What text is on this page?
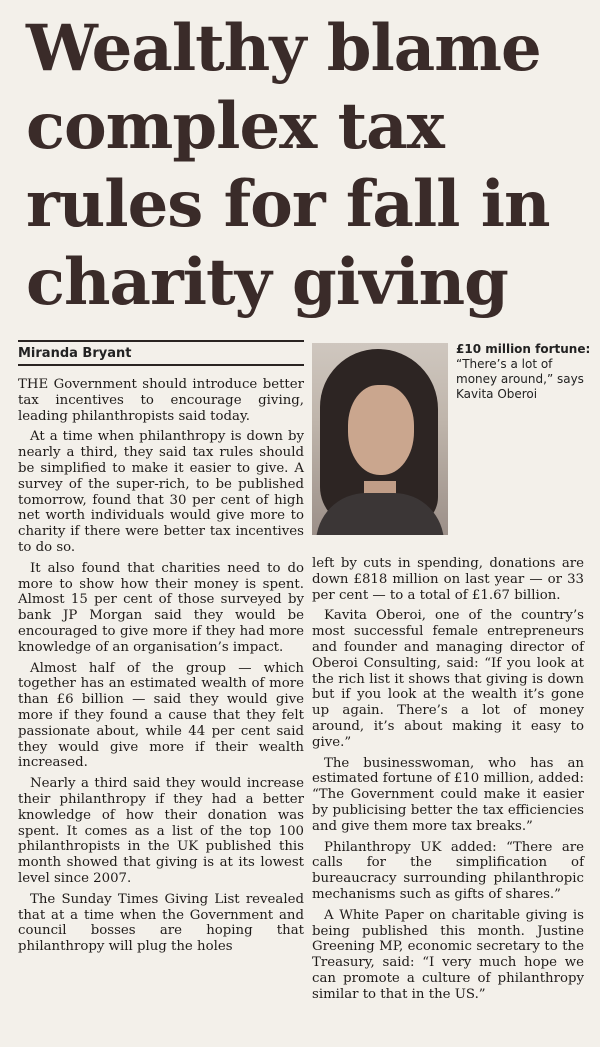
Wealthy blame
complex tax
rules for fall in
charity giving
Miranda Bryant	£10 million fortune: “There’s a lot of money around,” says Kavita Oberoi

THE Government should introduce better tax incentives to encourage giving, leading philanthropists said today.

At a time when philanthropy is down by nearly a third, they said tax rules should be simplified to make it easier to give. A survey of the super-rich, to be published tomorrow, found that 30 per cent of high net worth individuals would give more to charity if there were better tax incentives to do so.

It also found that charities need to do more to show how their money is spent. Almost 15 per cent of those surveyed by bank JP Morgan said they would be encouraged to give more if they had more knowledge of an organisation’s impact.

Almost half of the group — which together has an estimated wealth of more than £6 billion — said they would give more if they found a cause that they felt passionate about, while 44 per cent said they would give more if their wealth increased.

Nearly a third said they would increase their philanthropy if they had a better knowledge of how their donation was spent. It comes as a list of the top 100 philanthropists in the UK published this month showed that giving is at its lowest level since 2007.

The Sunday Times Giving List revealed that at a time when the Government and council bosses are hoping that philanthropy will plug the holes

left by cuts in spending, donations are down £818 million on last year — or 33 per cent — to a total of £1.67 billion.

Kavita Oberoi, one of the country’s most successful female entrepreneurs and founder and managing director of Oberoi Consulting, said: “If you look at the rich list it shows that giving is down but if you look at the wealth it’s gone up again. There’s a lot of money around, it’s about making it easy to give.”

The businesswoman, who has an estimated fortune of £10 million, added: “The Government could make it easier by publicising better the tax efficiencies and give them more tax breaks.”

Philanthropy UK added: “There are calls for the simplification of bureaucracy surrounding philanthropic mechanisms such as gifts of shares.”

A White Paper on charitable giving is being published this month. Justine Greening MP, economic secretary to the Treasury, said: “I very much hope we can promote a culture of philanthropy similar to that in the US.”
